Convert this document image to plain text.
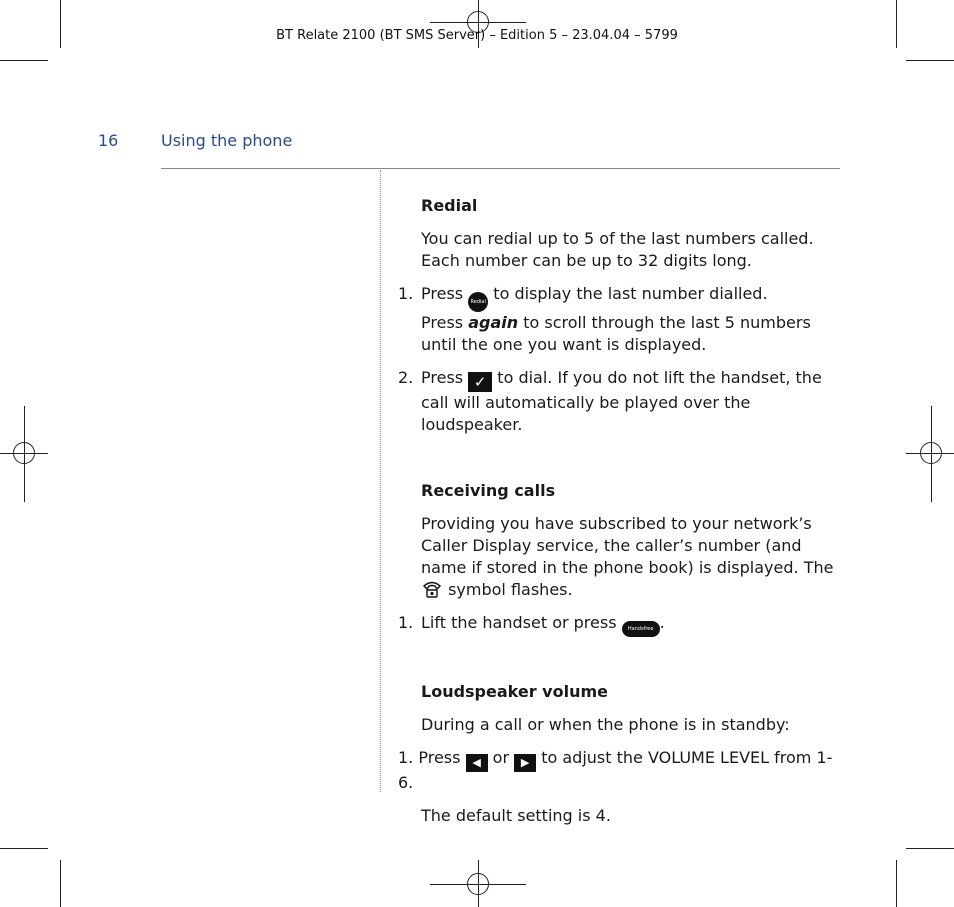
BT Relate 2100 (BT SMS Server) – Edition 5 – 23.04.04 – 5799
16	Using the phone
Redial
You can redial up to 5 of the last numbers called.
Each number can be up to 32 digits long.
1. Press Redial to display the last number dialled.
Press again to scroll through the last 5 numbers until the one you want is displayed.
2. Press ✓ to dial. If you do not lift the handset, the call will automatically be played over the loudspeaker.
Receiving calls
Providing you have subscribed to your network’s Caller Display service, the caller’s number (and name if stored in the phone book) is displayed. The  symbol flashes.
1. Lift the handset or press Handsfree .
Loudspeaker volume
During a call or when the phone is in standby:
1. Press ◀ or ▶ to adjust the VOLUME LEVEL from 1-6.
The default setting is 4.
